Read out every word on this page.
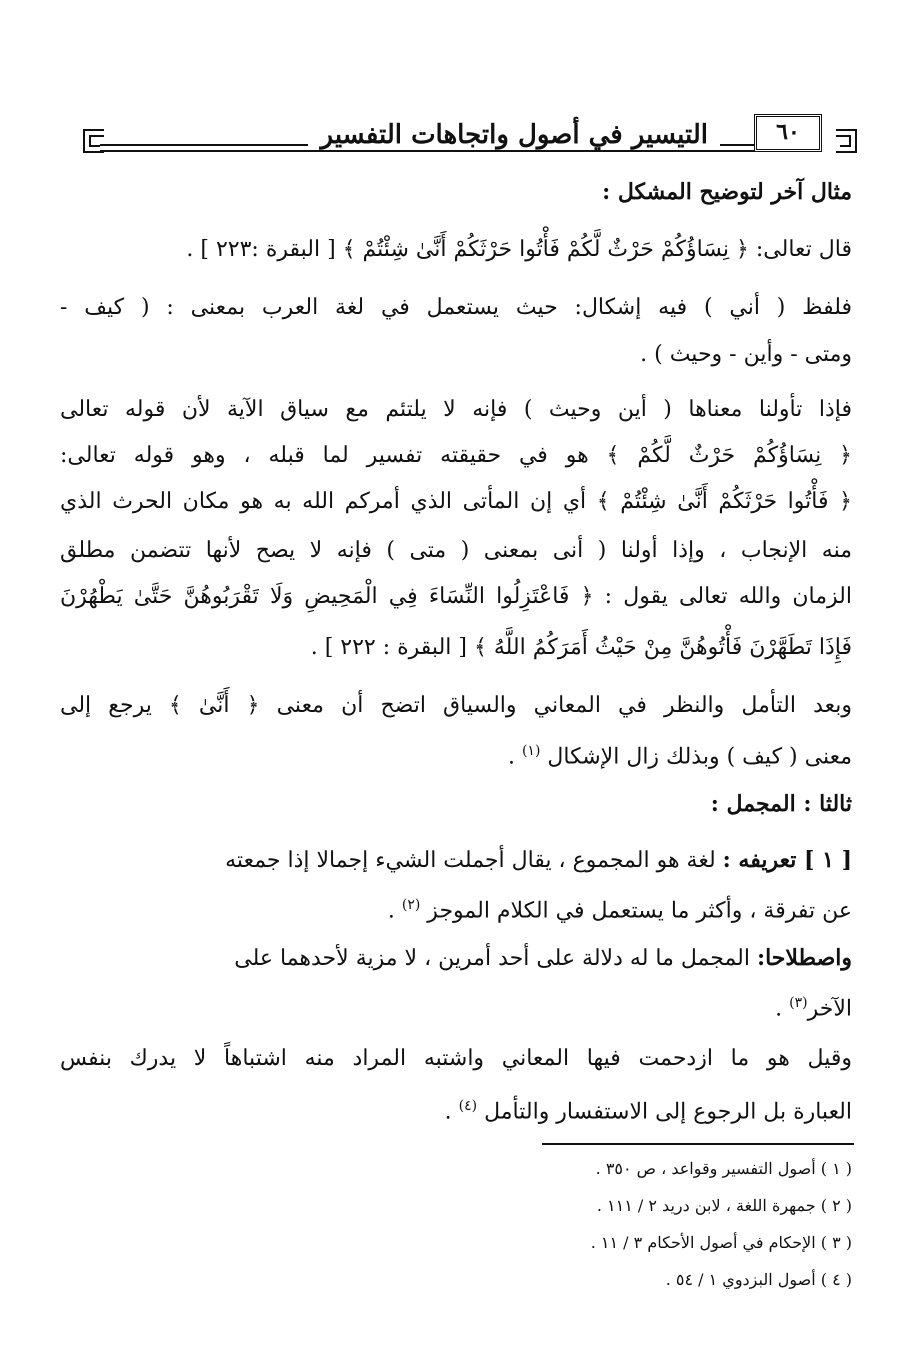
التيسير في أصول واتجاهات التفسير	٦٠
مثال آخر لتوضيح المشكل :
قال تعالى: ﴿ نِسَاؤُكُمْ حَرْثٌ لَّكُمْ فَأْتُوا حَرْثَكُمْ أَنَّىٰ شِئْتُمْ ﴾ [ البقرة :٢٢٣ ] .
فلفظ ( أني ) فيه إشكال: حيث يستعمل في لغة العرب بمعنى : ( كيف -
ومتى - وأين - وحيث ) .
فإذا تأولنا معناها ( أين وحيث ) فإنه لا يلتئم مع سياق الآية لأن قوله تعالى
﴿ نِسَاؤُكُمْ حَرْثٌ لَّكُمْ ﴾ هو في حقيقته تفسير لما قبله ، وهو قوله تعالى:
﴿ فَأْتُوا حَرْثَكُمْ أَنَّىٰ شِئْتُمْ ﴾ أي إن المأتى الذي أمركم الله به هو مكان الحرث الذي
منه الإنجاب ، وإذا أولنا ( أنى بمعنى ( متى ) فإنه لا يصح لأنها تتضمن مطلق
الزمان والله تعالى يقول : ﴿ فَاعْتَزِلُوا النِّسَاءَ فِي الْمَحِيضِ وَلَا تَقْرَبُوهُنَّ حَتَّىٰ يَطْهُرْنَ
فَإِذَا تَطَهَّرْنَ فَأْتُوهُنَّ مِنْ حَيْثُ أَمَرَكُمُ اللَّهُ ﴾ [ البقرة : ٢٢٢ ] .
وبعد التأمل والنظر في المعاني والسياق اتضح أن معنى ﴿ أَنَّىٰ ﴾ يرجع إلى
معنى ( كيف ) وبذلك زال الإشكال $^{(١)}$ .
ثالثا : المجمل :
[ ١ ] تعريفه : لغة هو المجموع ، يقال أجملت الشيء إجمالا إذا جمعته
عن تفرقة ، وأكثر ما يستعمل في الكلام الموجز $^{(٢)}$ .
واصطلاحا: المجمل ما له دلالة على أحد أمرين ، لا مزية لأحدهما على
الآخر$^{(٣)}$ .
وقيل هو ما ازدحمت فيها المعاني واشتبه المراد منه اشتباهاً لا يدرك بنفس
العبارة بل الرجوع إلى الاستفسار والتأمل $^{(٤)}$ .
( ١ ) أصول التفسير وقواعد ، ص ٣٥٠ .
( ٢ ) جمهرة اللغة ، لابن دريد ٢ / ١١١ .
( ٣ ) الإحكام في أصول الأحكام ٣ / ١١ .
( ٤ ) أصول البزدوي ١ / ٥٤ .
